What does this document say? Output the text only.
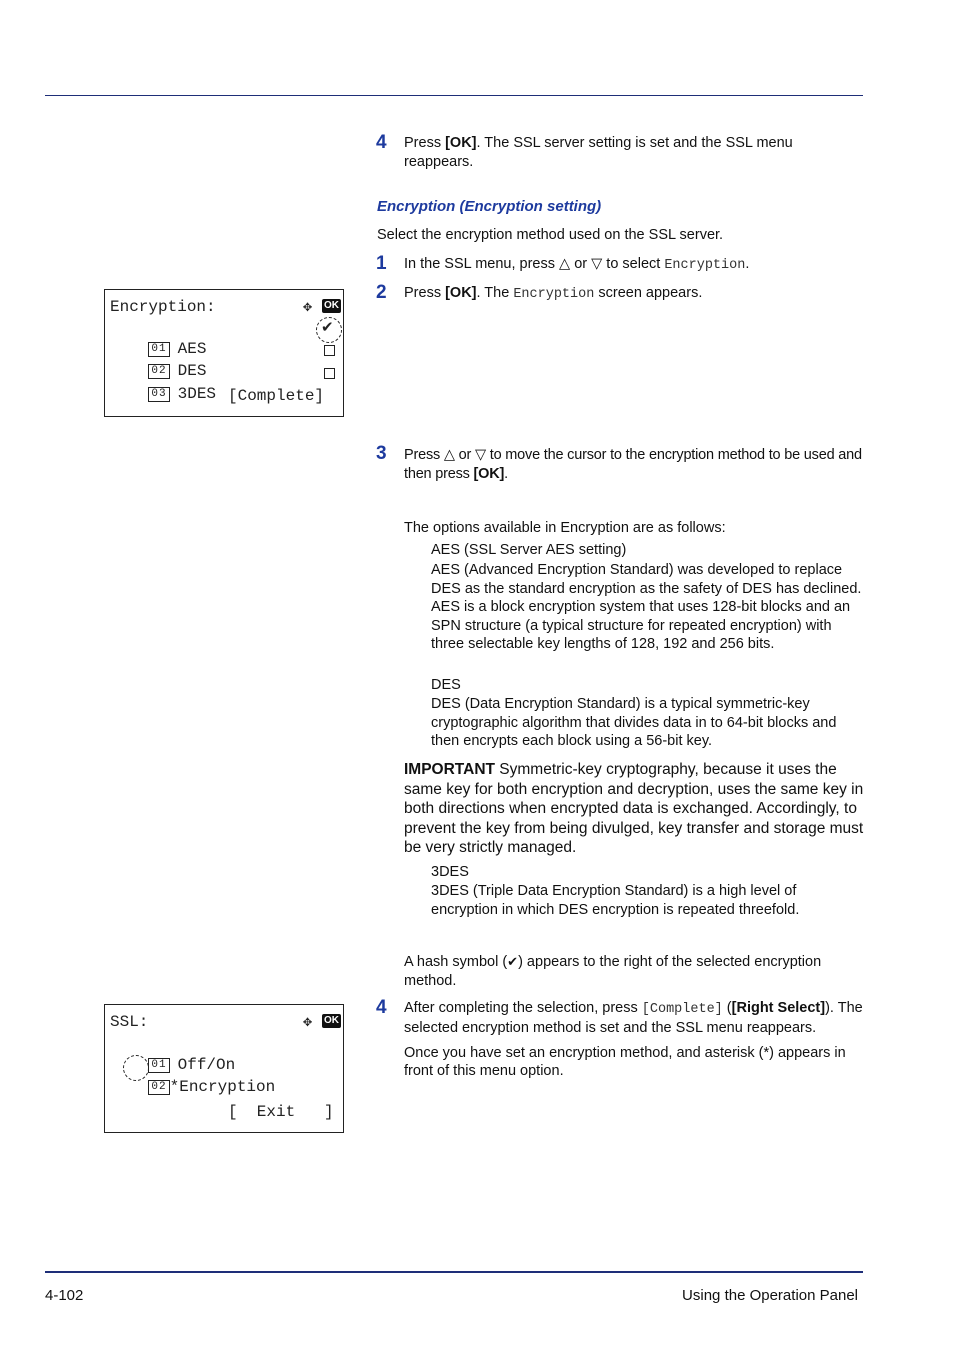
4	Press [OK]. The SSL server setting is set and the SSL menu reappears.
Encryption (Encryption setting)
Select the encryption method used on the SSL server.
1	In the SSL menu, press △ or ▽ to select Encryption.
2	Press [OK]. The Encryption screen appears.
Encryption:	✥ OK

01 AES

✔

02 DES

03 3DES
[Complete]
3	Press △ or ▽ to move the cursor to the encryption method to be used and then press [OK].
The options available in Encryption are as follows:
AES (SSL Server AES setting)
AES (Advanced Encryption Standard) was developed to replace DES as the standard encryption as the safety of DES has declined. AES is a block encryption system that uses 128-bit blocks and an SPN structure (a typical structure for repeated encryption) with three selectable key lengths of 128, 192 and 256 bits.
DES
DES (Data Encryption Standard) is a typical symmetric-key cryptographic algorithm that divides data in to 64-bit blocks and then encrypts each block using a 56-bit key.
IMPORTANT Symmetric-key cryptography, because it uses the same key for both encryption and decryption, uses the same key in both directions when encrypted data is exchanged. Accordingly, to prevent the key from being divulged, key transfer and storage must be very strictly managed.
3DES
3DES (Triple Data Encryption Standard) is a high level of encryption in which DES encryption is repeated threefold.
A hash symbol (✔) appears to the right of the selected encryption method.
4	After completing the selection, press [Complete] ([Right Select]). The selected encryption method is set and the SSL menu reappears.
Once you have set an encryption method, and asterisk (*) appears in front of this menu option.
SSL:	✥ OK

01 Off/On

02 *Encryption

[  Exit   ]
4-102	Using the Operation Panel
